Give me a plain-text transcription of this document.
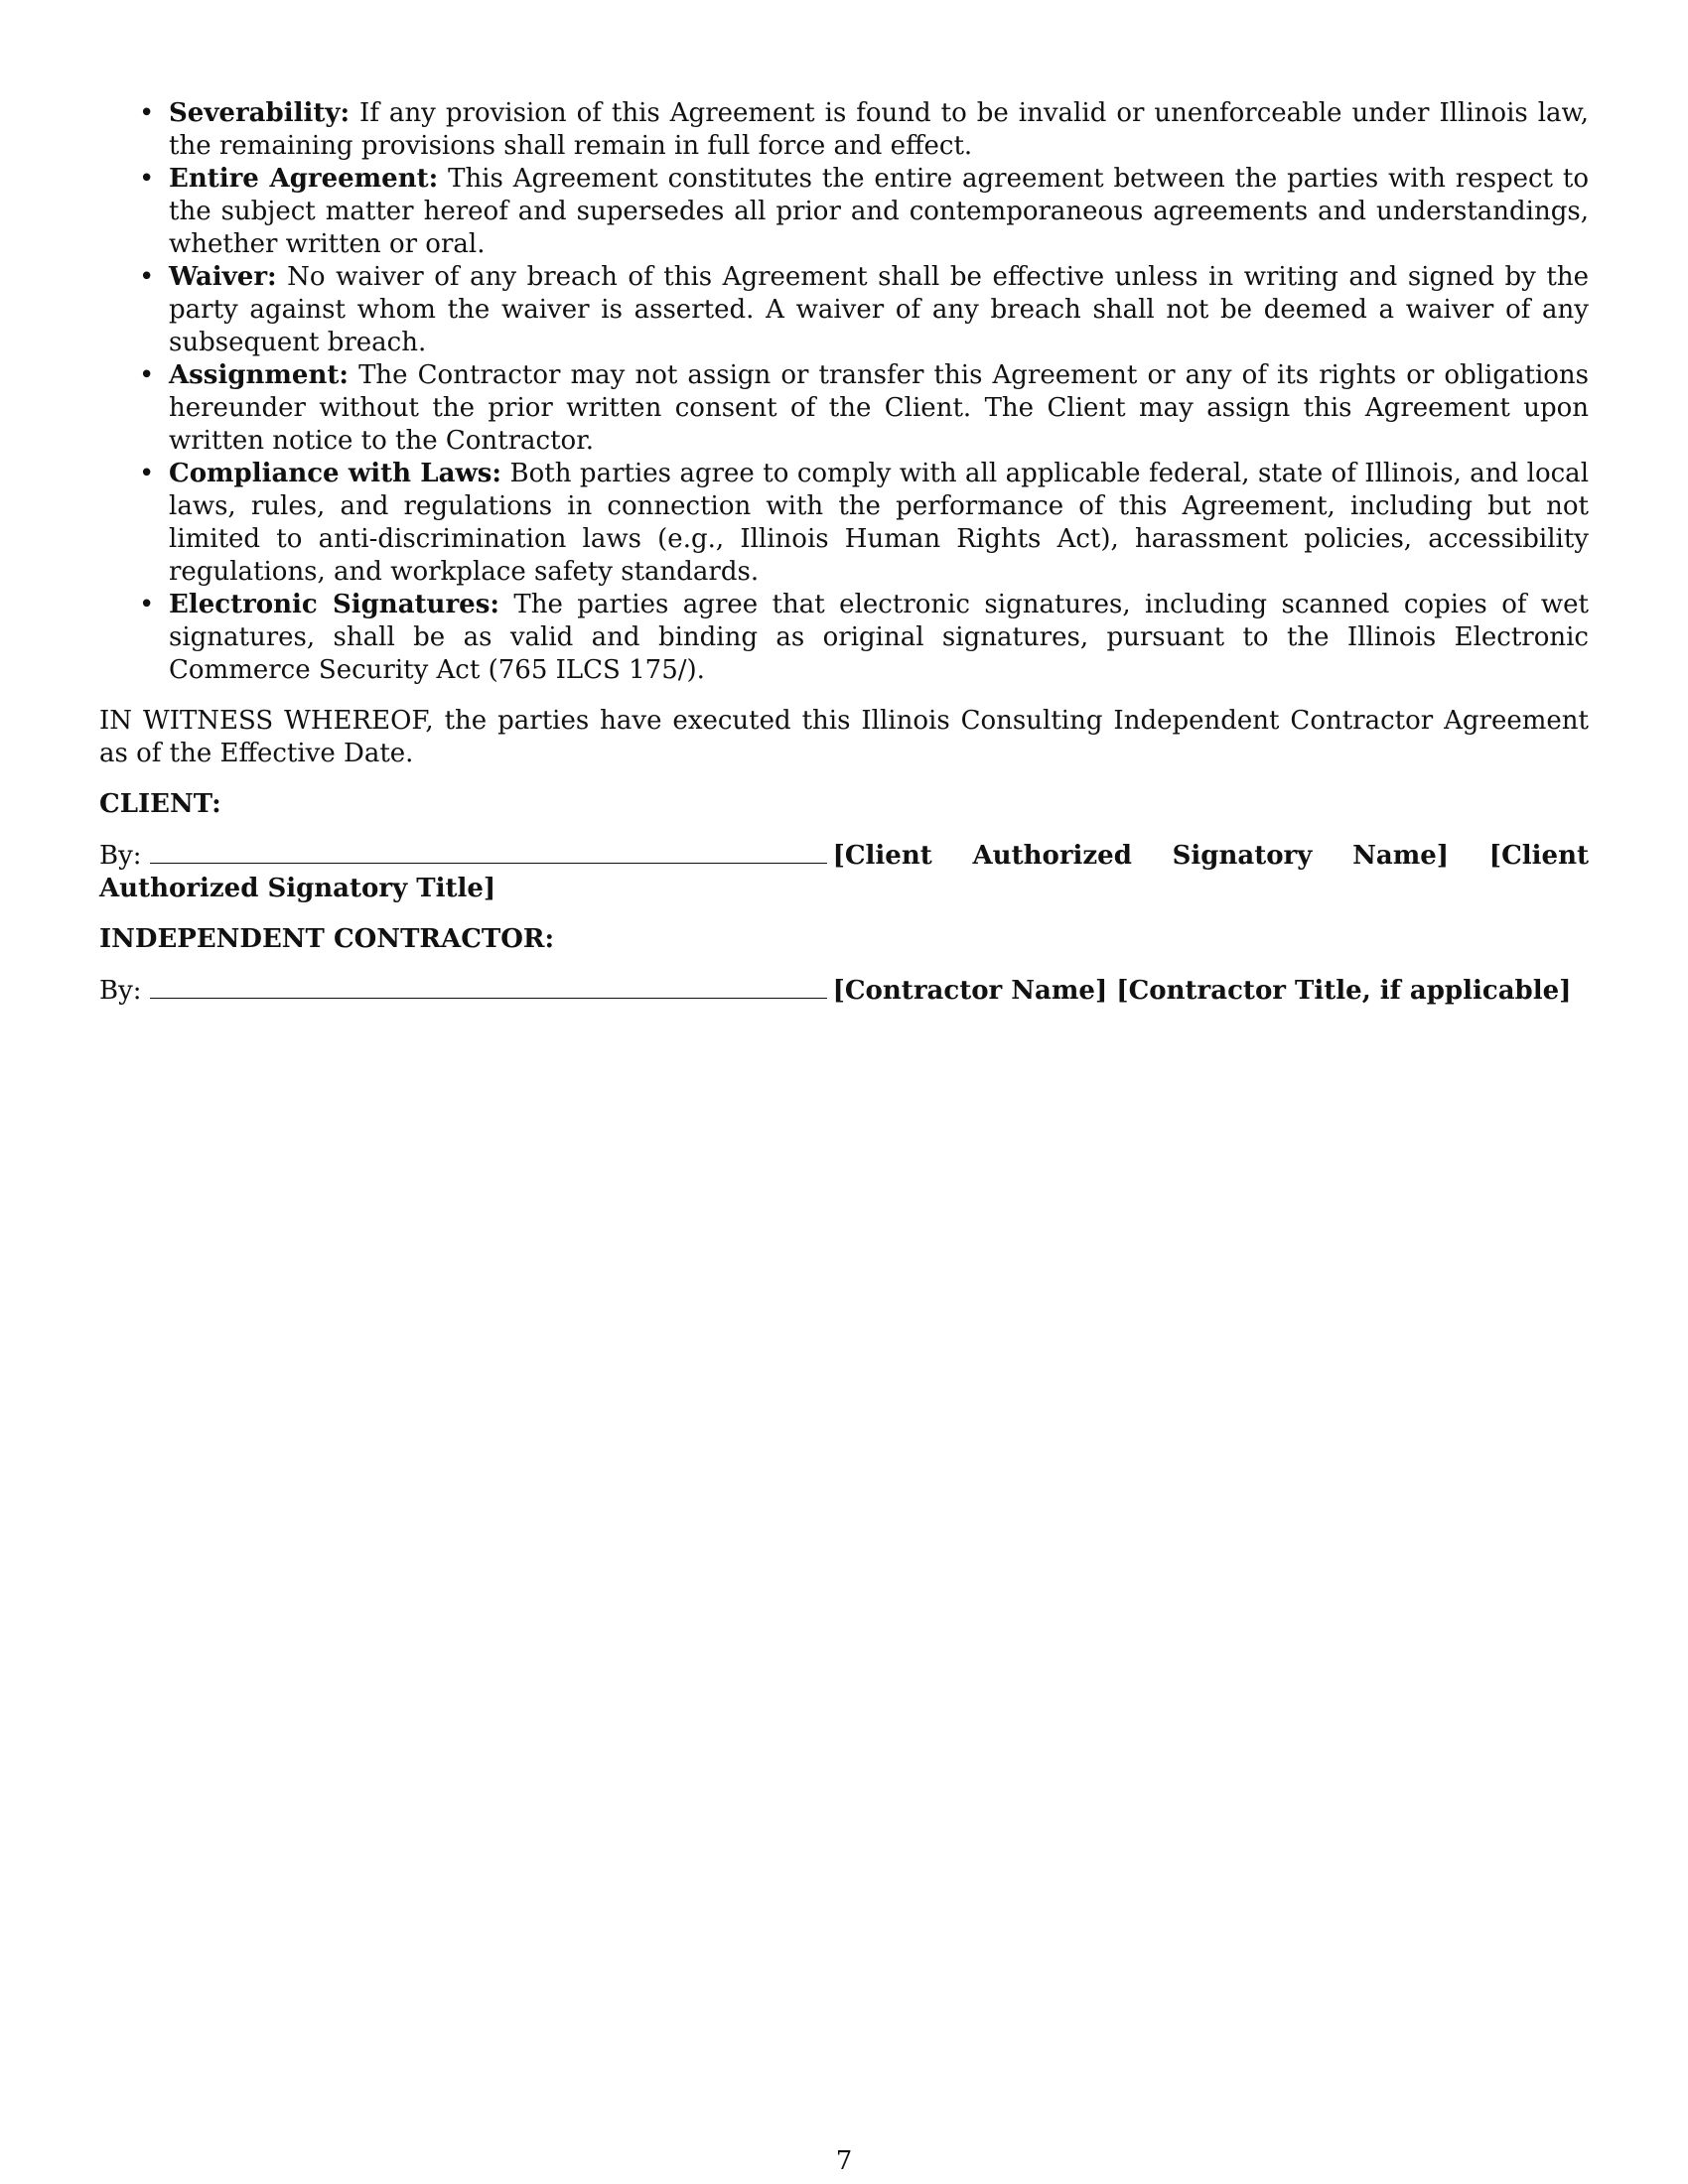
• Severability: If any provision of this Agreement is found to be invalid or unenforceable under Illinois law, the remaining provisions shall remain in full force and effect.
• Entire Agreement: This Agreement constitutes the entire agreement between the parties with respect to the subject matter hereof and supersedes all prior and contemporaneous agreements and understandings, whether written or oral.
• Waiver: No waiver of any breach of this Agreement shall be effective unless in writing and signed by the party against whom the waiver is asserted. A waiver of any breach shall not be deemed a waiver of any subsequent breach.
• Assignment: The Contractor may not assign or transfer this Agreement or any of its rights or obligations hereunder without the prior written consent of the Client. The Client may assign this Agreement upon written notice to the Contractor.
• Compliance with Laws: Both parties agree to comply with all applicable federal, state of Illinois, and local laws, rules, and regulations in connection with the performance of this Agreement, including but not limited to anti-discrimination laws (e.g., Illinois Human Rights Act), harassment policies, accessibility regulations, and workplace safety standards.
• Electronic Signatures: The parties agree that electronic signatures, including scanned copies of wet signatures, shall be as valid and binding as original signatures, pursuant to the Illinois Electronic Commerce Security Act (765 ILCS 175/).

IN WITNESS WHEREOF, the parties have executed this Illinois Consulting Independent Contractor Agreement as of the Effective Date.

CLIENT:

By:	[Client Authorized Signatory Name] [Client Authorized Signatory Title]

INDEPENDENT CONTRACTOR:

By:	[Contractor Name] [Contractor Title, if applicable]

7
